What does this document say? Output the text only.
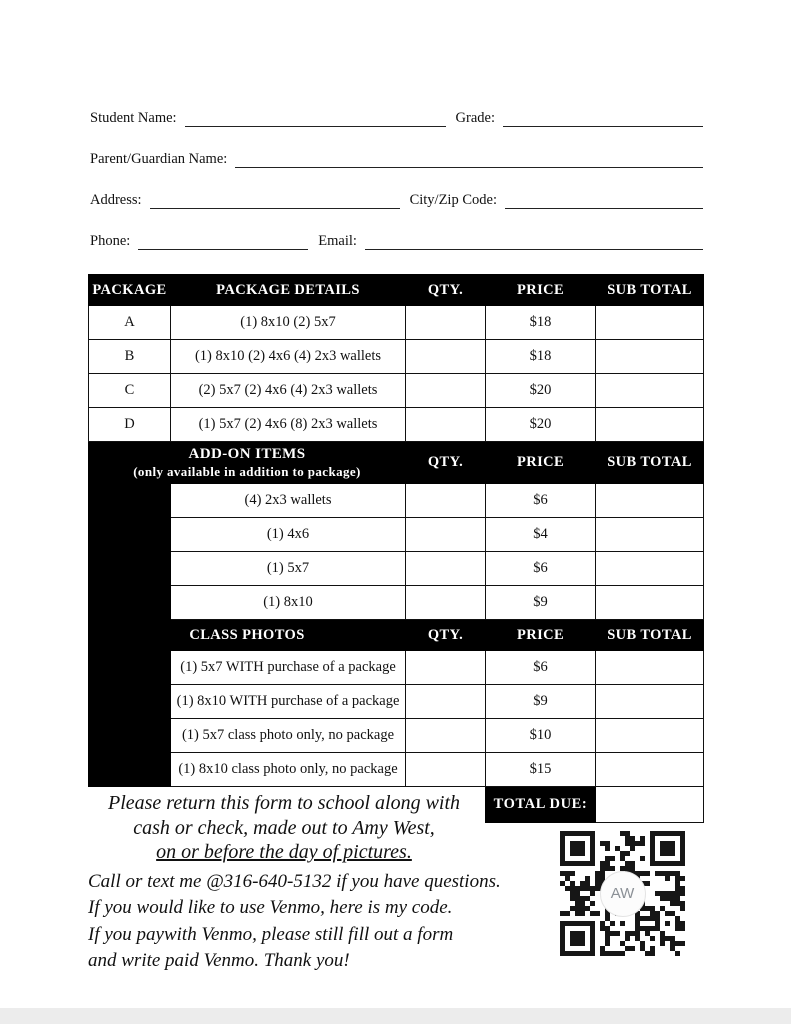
Student Name:	Grade:
Parent/Guardian Name:
Address:	City/Zip Code:
Phone:	Email:
PACKAGE	PACKAGE DETAILS	QTY.	PRICE	SUB TOTAL
A	(1) 8x10 (2) 5x7		$18	
B	(1) 8x10 (2) 4x6 (4) 2x3 wallets		$18	
C	(2) 5x7 (2) 4x6 (4) 2x3 wallets		$20	
D	(1) 5x7 (2) 4x6 (8) 2x3 wallets		$20	

ADD-ON ITEMS
(only available in addition to package)		QTY.	PRICE	SUB TOTAL
	(4) 2x3 wallets		$6	
	(1) 4x6		$4	
	(1) 5x7		$6	
	(1) 8x10		$9	
CLASS PHOTOS		QTY.	PRICE	SUB TOTAL
	(1) 5x7 WITH purchase of a package		$6	
	(1) 8x10 WITH purchase of a package		$9	
	(1) 5x7 class photo only, no package		$10	
	(1) 8x10 class photo only, no package		$15	
			TOTAL DUE:	
Please return this form to school along with
cash or check, made out to Amy West,
on or before the day of pictures.
Call or text me @316-640-5132 if you have questions.
If you would like to use Venmo, here is my code.
If you paywith Venmo, please still fill out a form
and write paid Venmo. Thank you!
AW
